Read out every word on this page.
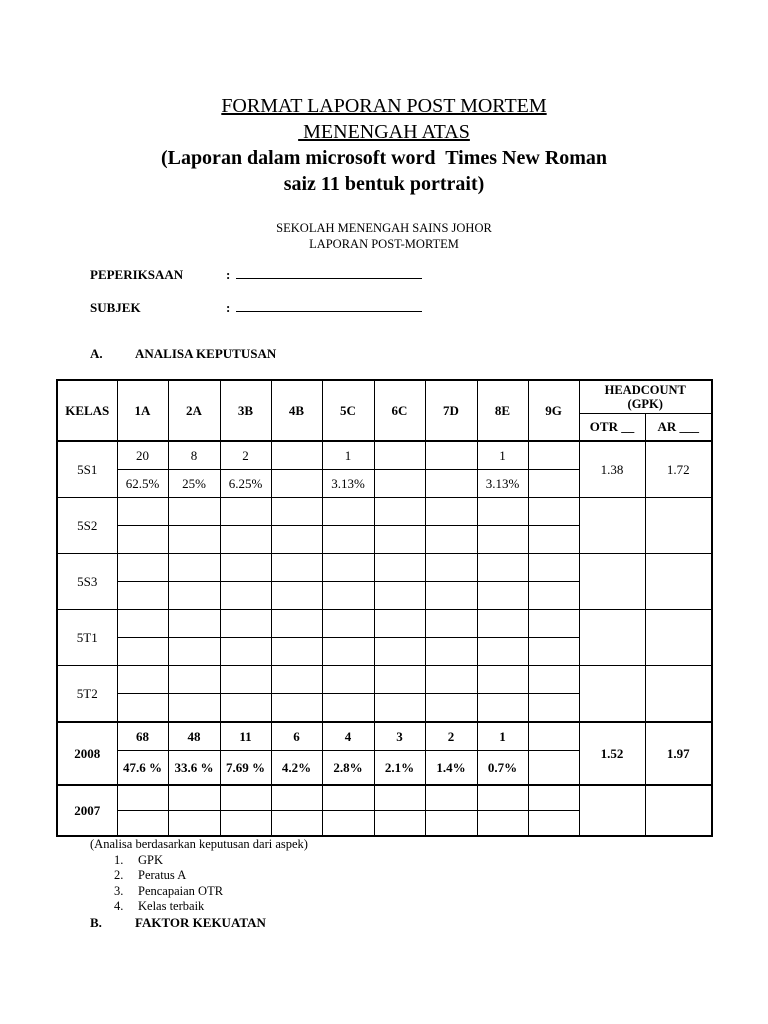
FORMAT LAPORAN POST MORTEM
MENENGAH ATAS
(Laporan dalam microsoft word  Times New Roman
saiz 11 bentuk portrait)
SEKOLAH MENENGAH SAINS JOHOR
LAPORAN POST-MORTEM
PEPERIKSAAN	:
SUBJEK	:
A. ANALISA KEPUTUSAN
KELAS	1A	2A	3B	4B	5C	6C	7D	8E	9G	HEADCOUNT (GPK)	
										OTR __	AR ___
5S1	20	8	2		1			1		1.38	1.72
	62.5%	25%	6.25%		3.13%			3.13%			
5S2											

5S3											

5T1											

5T2											

2008	68	48	11	6	4	3	2	1		1.52	1.97
	47.6 %	33.6 %	7.69 %	4.2%	2.8%	2.1%	1.4%	0.7%			
2007											

(Analisa berdasarkan keputusan dari aspek)
1. GPK
2. Peratus A
3. Pencapaian OTR
4. Kelas terbaik
B.	FAKTOR KEKUATAN
